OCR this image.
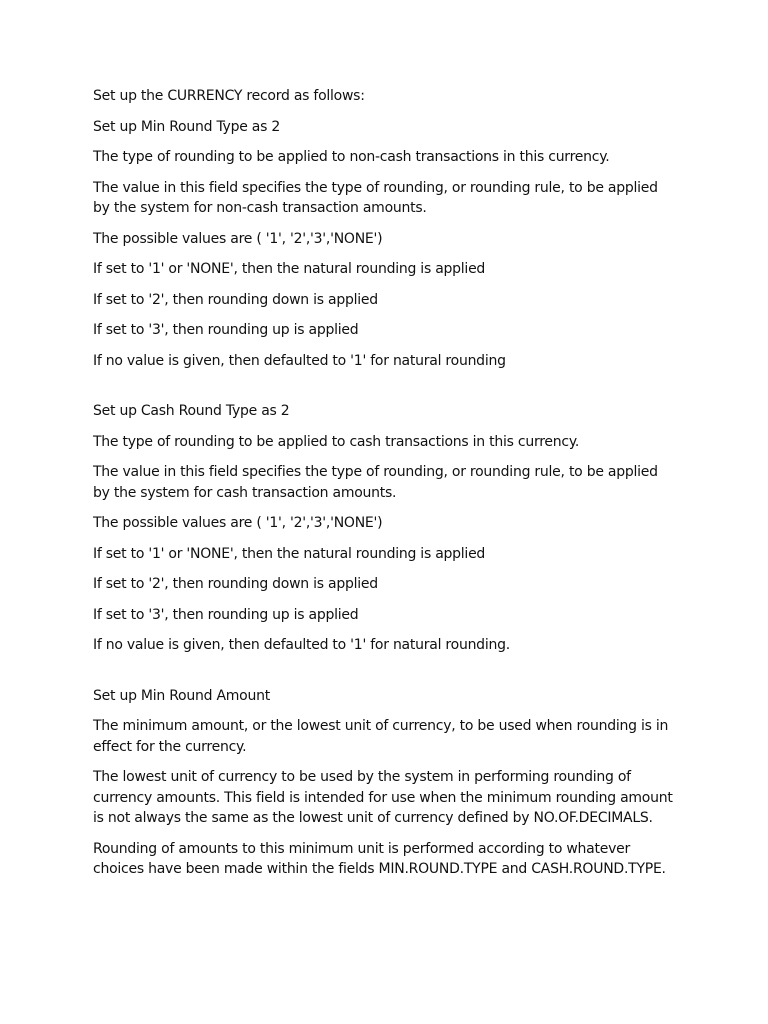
Set up the CURRENCY record as follows:

Set up Min Round Type as 2

The type of rounding to be applied to non-cash transactions in this currency.

The value in this field specifies the type of rounding, or rounding rule, to be applied by the system for non-cash transaction amounts.

The possible values are ( '1', '2','3','NONE')

If set to '1' or 'NONE', then the natural rounding is applied

If set to '2', then rounding down is applied

If set to '3', then rounding up is applied

If no value is given, then defaulted to '1' for natural rounding

Set up Cash Round Type as 2

The type of rounding to be applied to cash transactions in this currency.

The value in this field specifies the type of rounding, or rounding rule, to be applied by the system for cash transaction amounts.

The possible values are ( '1', '2','3','NONE')

If set to '1' or 'NONE', then the natural rounding is applied

If set to '2', then rounding down is applied

If set to '3', then rounding up is applied

If no value is given, then defaulted to '1' for natural rounding.

Set up Min Round Amount

The minimum amount, or the lowest unit of currency, to be used when rounding is in effect for the currency.

The lowest unit of currency to be used by the system in performing rounding of currency amounts. This field is intended for use when the minimum rounding amount is not always the same as the lowest unit of currency defined by NO.OF.DECIMALS.

Rounding of amounts to this minimum unit is performed according to whatever choices have been made within the fields MIN.ROUND.TYPE and CASH.ROUND.TYPE.
